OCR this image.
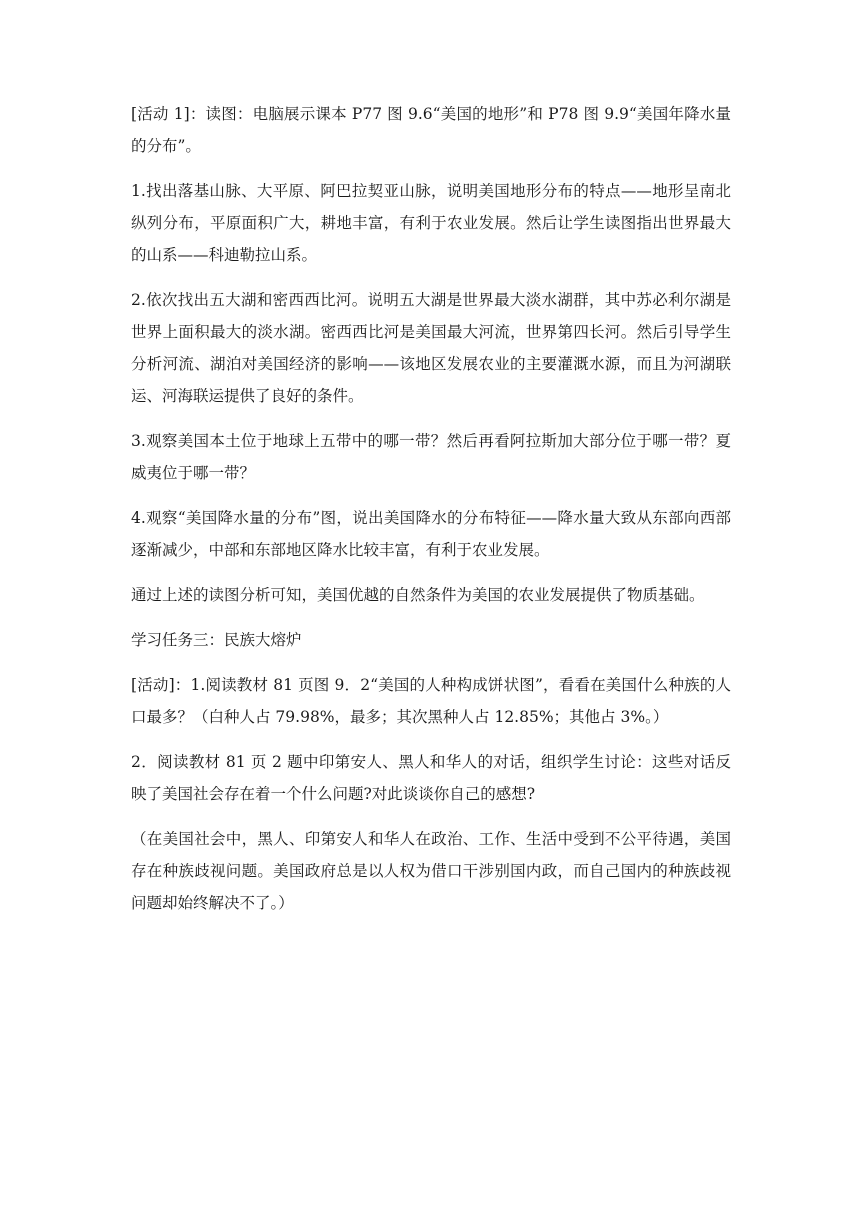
[活动 1]：读图：电脑展示课本 P77 图 9.6“美国的地形”和 P78 图 9.9“美国年降水量的分布”。

1.找出落基山脉、大平原、阿巴拉契亚山脉，说明美国地形分布的特点——地形呈南北纵列分布，平原面积广大，耕地丰富，有利于农业发展。然后让学生读图指出世界最大的山系——科迪勒拉山系。

2.依次找出五大湖和密西西比河。说明五大湖是世界最大淡水湖群，其中苏必利尔湖是世界上面积最大的淡水湖。密西西比河是美国最大河流，世界第四长河。然后引导学生分析河流、湖泊对美国经济的影响——该地区发展农业的主要灌溉水源，而且为河湖联运、河海联运提供了良好的条件。

3.观察美国本土位于地球上五带中的哪一带？然后再看阿拉斯加大部分位于哪一带？夏威夷位于哪一带？

4.观察“美国降水量的分布”图，说出美国降水的分布特征——降水量大致从东部向西部逐渐减少，中部和东部地区降水比较丰富，有利于农业发展。

通过上述的读图分析可知，美国优越的自然条件为美国的农业发展提供了物质基础。

学习任务三：民族大熔炉

[活动]：1.阅读教材 81 页图 9．2“美国的人种构成饼状图”，看看在美国什么种族的人口最多？（白种人占 79.98%，最多；其次黑种人占 12.85%；其他占 3%。）

2．阅读教材 81 页 2 题中印第安人、黑人和华人的对话，组织学生讨论：这些对话反映了美国社会存在着一个什么问题?对此谈谈你自己的感想?

（在美国社会中，黑人、印第安人和华人在政治、工作、生活中受到不公平待遇，美国存在种族歧视问题。美国政府总是以人权为借口干涉别国内政，而自己国内的种族歧视问题却始终解决不了。）
